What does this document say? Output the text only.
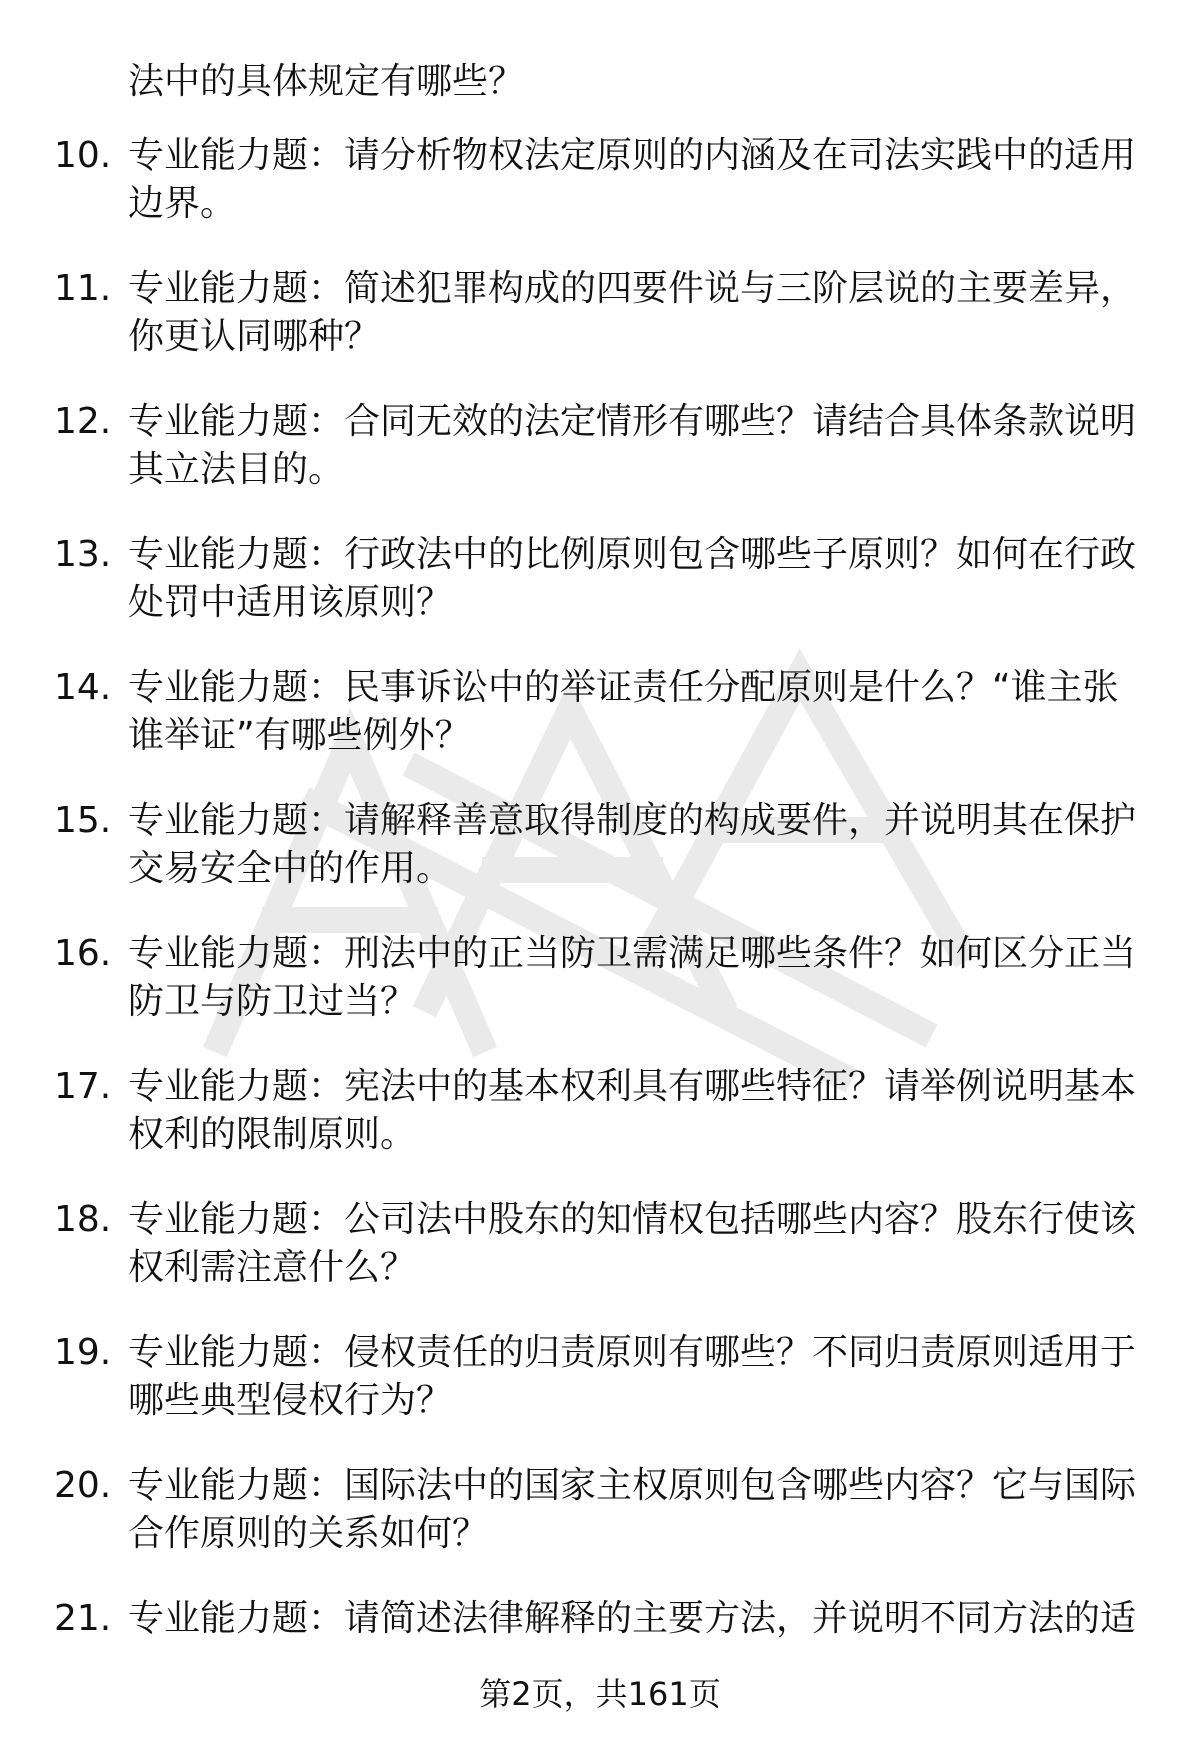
法中的具体规定有哪些？
10. 专业能力题：请分析物权法定原则的内涵及在司法实践中的适用
边界。
11. 专业能力题：简述犯罪构成的四要件说与三阶层说的主要差异，
你更认同哪种？
12. 专业能力题：合同无效的法定情形有哪些？请结合具体条款说明
其立法目的。
13. 专业能力题：行政法中的比例原则包含哪些子原则？如何在行政
处罚中适用该原则？
14. 专业能力题：民事诉讼中的举证责任分配原则是什么？“谁主张
谁举证”有哪些例外？
15. 专业能力题：请解释善意取得制度的构成要件，并说明其在保护
交易安全中的作用。
16. 专业能力题：刑法中的正当防卫需满足哪些条件？如何区分正当
防卫与防卫过当？
17. 专业能力题：宪法中的基本权利具有哪些特征？请举例说明基本
权利的限制原则。
18. 专业能力题：公司法中股东的知情权包括哪些内容？股东行使该
权利需注意什么？
19. 专业能力题：侵权责任的归责原则有哪些？不同归责原则适用于
哪些典型侵权行为？
20. 专业能力题：国际法中的国家主权原则包含哪些内容？它与国际
合作原则的关系如何？
21. 专业能力题：请简述法律解释的主要方法，并说明不同方法的适
第2页，共161页
